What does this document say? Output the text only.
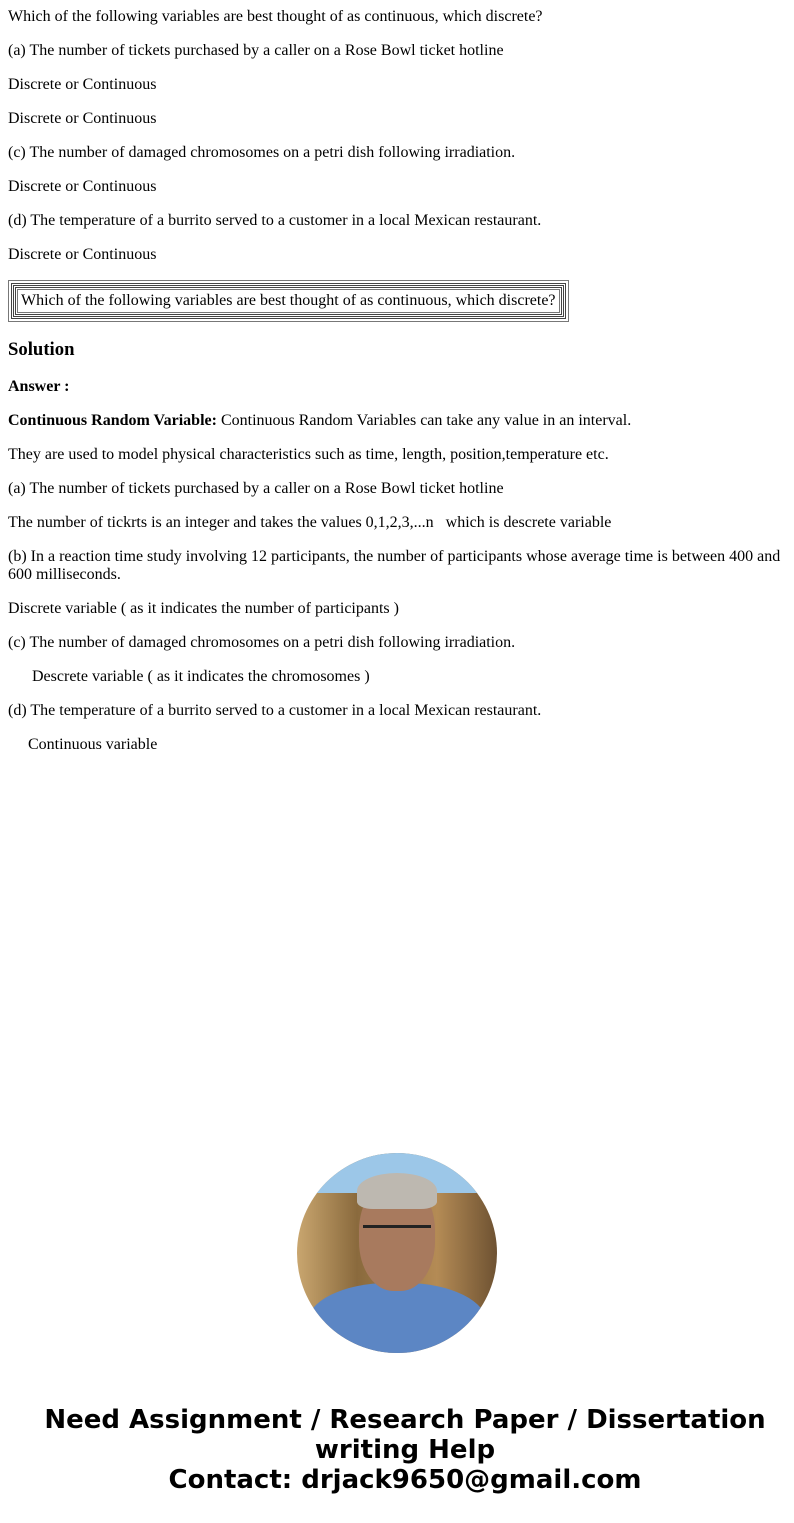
Which of the following variables are best thought of as continuous, which discrete?

(a) The number of tickets purchased by a caller on a Rose Bowl ticket hotline

Discrete or Continuous

Discrete or Continuous

(c) The number of damaged chromosomes on a petri dish following irradiation.

Discrete or Continuous

(d) The temperature of a burrito served to a customer in a local Mexican restaurant.

Discrete or Continuous

Which of the following variables are best thought of as continuous, which discrete?
Solution

Answer :

Continuous Random Variable: Continuous Random Variables can take any value in an interval.

They are used to model physical characteristics such as time, length, position,temperature etc.

(a) The number of tickets purchased by a caller on a Rose Bowl ticket hotline

The number of tickrts is an integer and takes the values 0,1,2,3,...n   which is descrete variable

(b) In a reaction time study involving 12 participants, the number of participants whose average time is between 400 and 600 milliseconds.

Discrete variable ( as it indicates the number of participants )

(c) The number of damaged chromosomes on a petri dish following irradiation.

Descrete variable ( as it indicates the chromosomes )

(d) The temperature of a burrito served to a customer in a local Mexican restaurant.

Continuous variable

Need Assignment / Research Paper / Dissertation
writing Help
Contact: drjack9650@gmail.com
